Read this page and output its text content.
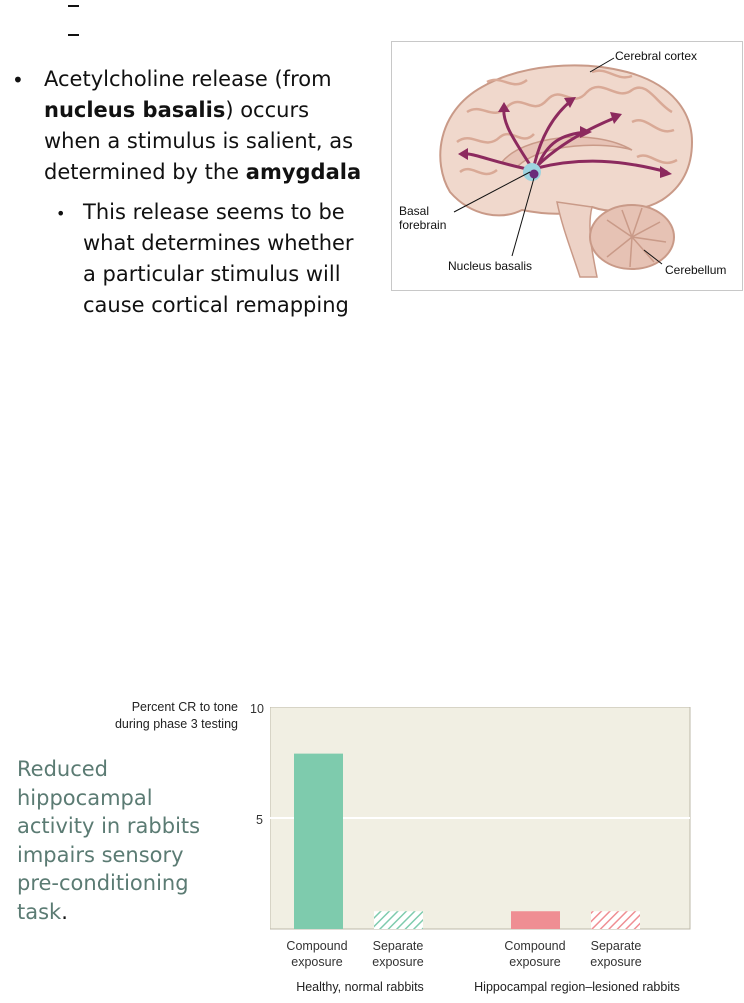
• Acetylcholine release (from nucleus basalis) occurs when a stimulus is salient, as determined by the amygdala
• This release seems to be what determines whether a particular stimulus will cause cortical remapping
Cerebral cortex
Basal forebrain
Nucleus basalis	Cerebellum
Reduced
hippocampal
activity in rabbits
impairs sensory
pre-conditioning
task.
Percent CR to tone
during phase 3 testing
10
5
Compound
exposure
Separate
exposure
Compound
exposure
Separate
exposure
Healthy, normal rabbits	Hippocampal region–lesioned rabbits
